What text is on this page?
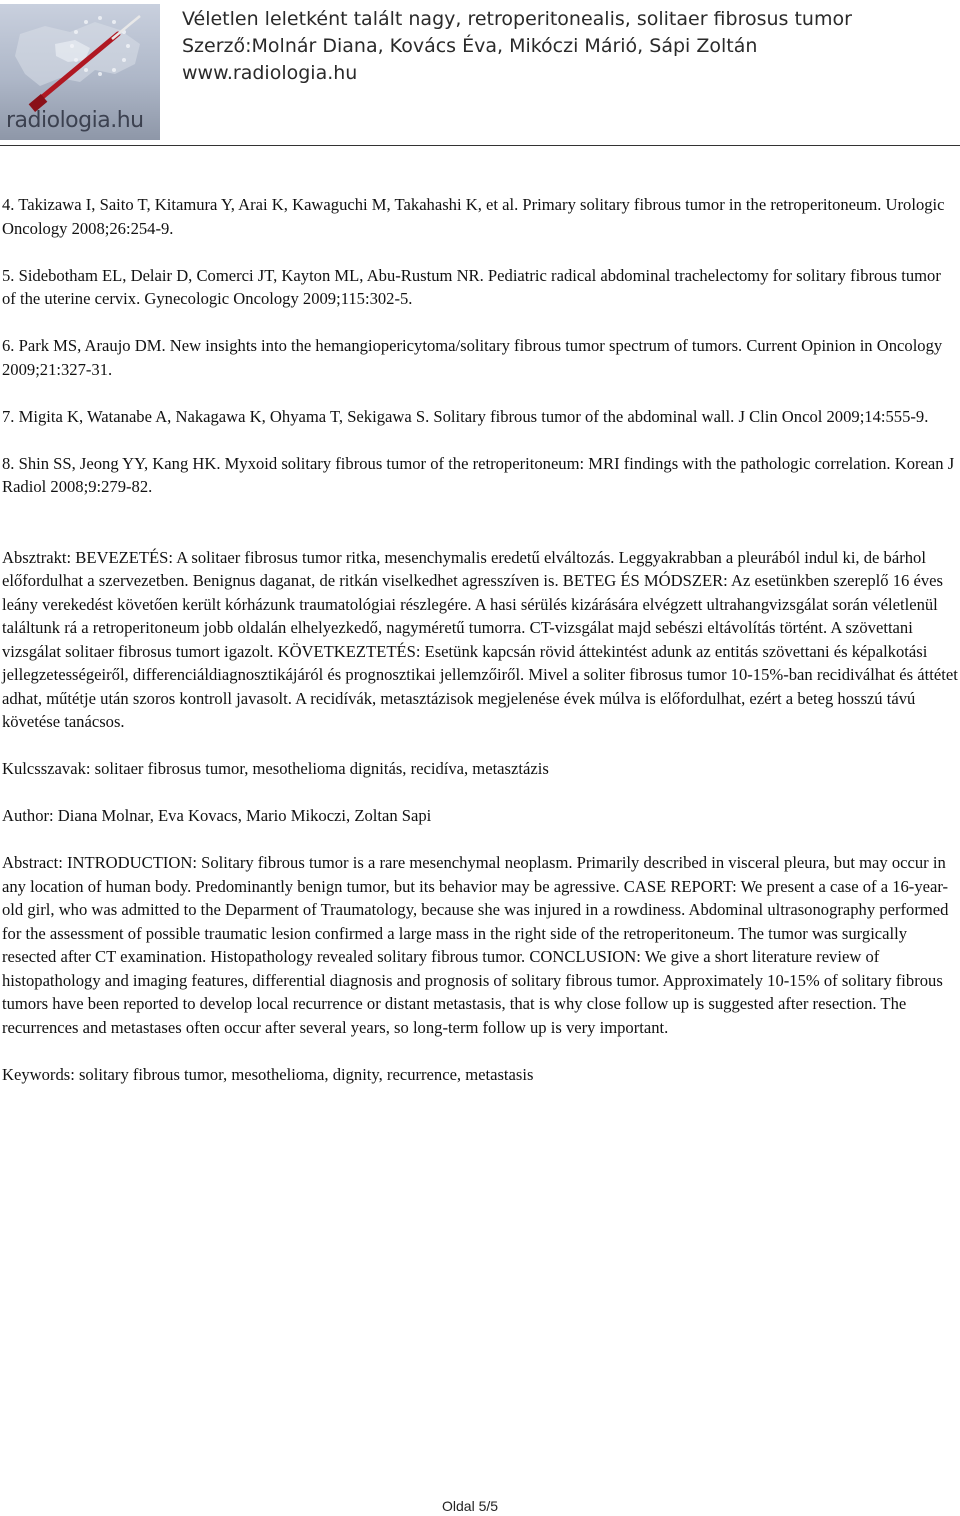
radiologia.hu
Véletlen leletként talált nagy, retroperitonealis, solitaer fibrosus tumor
Szerző:Molnár Diana, Kovács Éva, Mikóczi Márió, Sápi Zoltán
www.radiologia.hu
4. Takizawa I, Saito T, Kitamura Y, Arai K, Kawaguchi M, Takahashi K, et al. Primary solitary fibrous tumor in the retroperitoneum. Urologic Oncology 2008;26:254-9.
5. Sidebotham EL, Delair D, Comerci JT, Kayton ML, Abu-Rustum NR. Pediatric radical abdominal trachelectomy for solitary fibrous tumor of the uterine cervix. Gynecologic Oncology 2009;115:302-5.
6. Park MS, Araujo DM. New insights into the hemangiopericytoma/solitary fibrous tumor spectrum of tumors. Current Opinion in Oncology 2009;21:327-31.
7. Migita K, Watanabe A, Nakagawa K, Ohyama T, Sekigawa S. Solitary fibrous tumor of the abdominal wall. J Clin Oncol 2009;14:555-9.
8. Shin SS, Jeong YY, Kang HK. Myxoid solitary fibrous tumor of the retroperitoneum: MRI findings with the pathologic correlation. Korean J Radiol 2008;9:279-82.
Absztrakt: BEVEZETÉS: A solitaer fibrosus tumor ritka, mesenchymalis eredetű elváltozás. Leggyakrabban a pleurából indul ki, de bárhol előfordulhat a szervezetben. Benignus daganat, de ritkán viselkedhet agresszíven is. BETEG ÉS MÓDSZER: Az esetünkben szereplő 16 éves leány verekedést követően került kórházunk traumatológiai részlegére. A hasi sérülés kizárására elvégzett ultrahangvizsgálat során véletlenül találtunk rá a retroperitoneum jobb oldalán elhelyezkedő, nagyméretű tumorra. CT-vizsgálat majd sebészi eltávolítás történt. A szövettani vizsgálat solitaer fibrosus tumort igazolt. KÖVETKEZTETÉS: Esetünk kapcsán rövid áttekintést adunk az entitás szövettani és képalkotási jellegzetességeiről, differenciáldiagnosztikájáról és prognosztikai jellemzőiről. Mivel a soliter fibrosus tumor 10-15%-ban recidiválhat és áttétet adhat, műtétje után szoros kontroll javasolt. A recidívák, metasztázisok megjelenése évek múlva is előfordulhat, ezért a beteg hosszú távú követése tanácsos.
Kulcsszavak: solitaer fibrosus tumor, mesothelioma dignitás, recidíva, metasztázis
Author: Diana Molnar, Eva Kovacs, Mario Mikoczi, Zoltan Sapi
Abstract: INTRODUCTION: Solitary fibrous tumor is a rare mesenchymal neoplasm. Primarily described in visceral pleura, but may occur in any location of human body. Predominantly benign tumor, but its behavior may be agressive. CASE REPORT: We present a case of a 16-year-old girl, who was admitted to the Deparment of Traumatology, because she was injured in a rowdiness. Abdominal ultrasonography performed for the assessment of possible traumatic lesion confirmed a large mass in the right side of the retroperitoneum. The tumor was surgically resected after CT examination. Histopathology revealed solitary fibrous tumor. CONCLUSION: We give a short literature review of histopathology and imaging features, differential diagnosis and prognosis of solitary fibrous tumor. Approximately 10-15% of solitary fibrous tumors have been reported to develop local recurrence or distant metastasis, that is why close follow up is suggested after resection. The recurrences and metastases often occur after several years, so long-term follow up is very important.
Keywords: solitary fibrous tumor, mesothelioma, dignity, recurrence, metastasis
Oldal 5/5
